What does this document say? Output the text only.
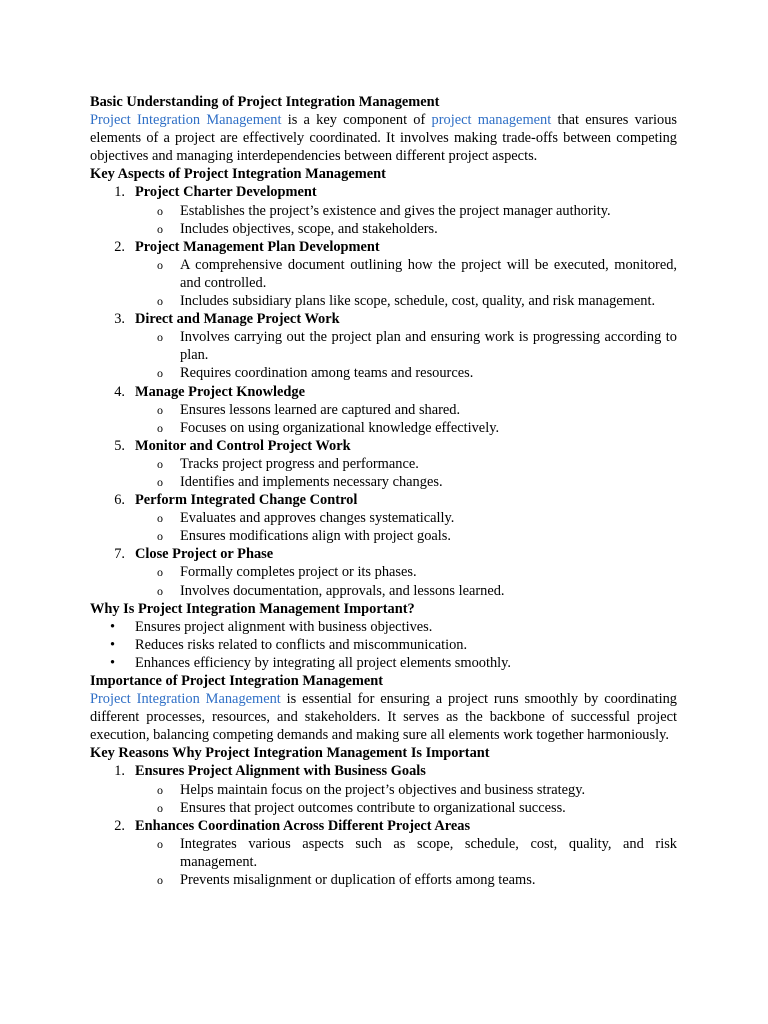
Basic Understanding of Project Integration Management

Project Integration Management is a key component of project management that ensures various elements of a project are effectively coordinated. It involves making trade-offs between competing objectives and managing interdependencies between different project aspects.

Key Aspects of Project Integration Management

1. Project Charter Development
o Establishes the project’s existence and gives the project manager authority.
o Includes objectives, scope, and stakeholders.
2. Project Management Plan Development
o A comprehensive document outlining how the project will be executed, monitored, and controlled.
o Includes subsidiary plans like scope, schedule, cost, quality, and risk management.
3. Direct and Manage Project Work
o Involves carrying out the project plan and ensuring work is progressing according to plan.
o Requires coordination among teams and resources.
4. Manage Project Knowledge
o Ensures lessons learned are captured and shared.
o Focuses on using organizational knowledge effectively.
5. Monitor and Control Project Work
o Tracks project progress and performance.
o Identifies and implements necessary changes.
6. Perform Integrated Change Control
o Evaluates and approves changes systematically.
o Ensures modifications align with project goals.
7. Close Project or Phase
o Formally completes project or its phases.
o Involves documentation, approvals, and lessons learned.

Why Is Project Integration Management Important?

• Ensures project alignment with business objectives.
• Reduces risks related to conflicts and miscommunication.
• Enhances efficiency by integrating all project elements smoothly.

Importance of Project Integration Management

Project Integration Management is essential for ensuring a project runs smoothly by coordinating different processes, resources, and stakeholders. It serves as the backbone of successful project execution, balancing competing demands and making sure all elements work together harmoniously.

Key Reasons Why Project Integration Management Is Important

1. Ensures Project Alignment with Business Goals
o Helps maintain focus on the project’s objectives and business strategy.
o Ensures that project outcomes contribute to organizational success.
2. Enhances Coordination Across Different Project Areas
o Integrates various aspects such as scope, schedule, cost, quality, and risk management.
o Prevents misalignment or duplication of efforts among teams.
